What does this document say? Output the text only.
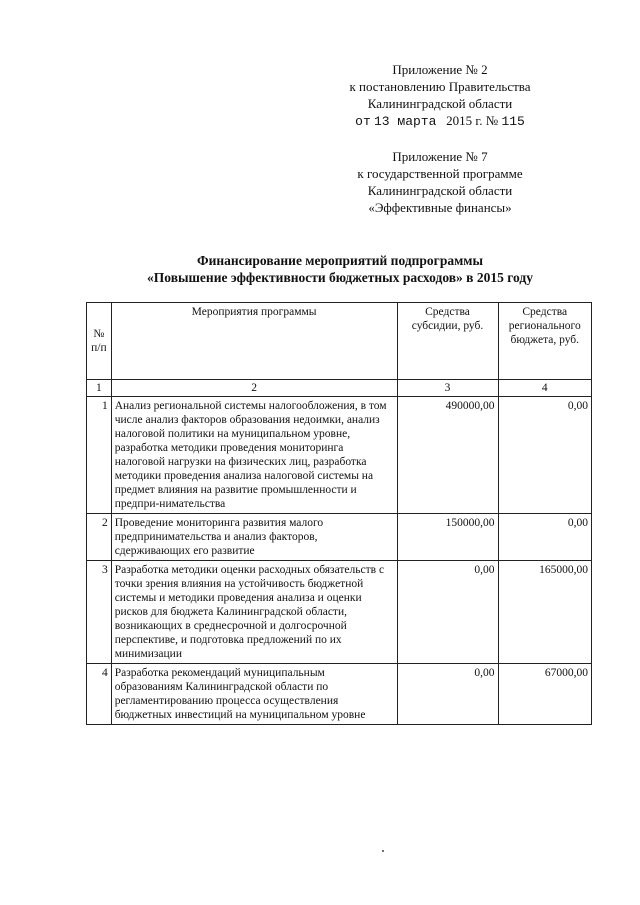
Приложение № 2
к постановлению Правительства
Калининградской области
от 13 марта 2015 г. № 115
Приложение № 7
к государственной программе
Калининградской области
«Эффективные финансы»
Финансирование мероприятий подпрограммы
«Повышение эффективности бюджетных расходов» в 2015 году
№ п/п	Мероприятия программы	Средства субсидии, руб.	Средства регионального бюджета, руб.
1	2	3	4
1	Анализ региональной системы налогообложения, в том числе анализ факторов образования недоимки, анализ налоговой политики на муниципальном уровне, разработка методики проведения мониторинга налоговой нагрузки на физических лиц, разработка методики проведения анализа налоговой системы на предмет влияния на развитие промышленности и предпри-нимательства	490000,00	0,00
2	Проведение мониторинга развития малого предпринимательства и анализ факторов, сдерживающих его развитие	150000,00	0,00
3	Разработка методики оценки расходных обязательств с точки зрения влияния на устойчивость бюджетной системы и методики проведения анализа и оценки рисков для бюджета Калининградской области, возникающих в среднесрочной и долгосрочной перспективе, и подготовка предложений по их минимизации	0,00	165000,00
4	Разработка рекомендаций муниципальным образованиям Калининградской области по регламентированию процесса осуществления бюджетных инвестиций на муниципальном уровне	0,00	67000,00
